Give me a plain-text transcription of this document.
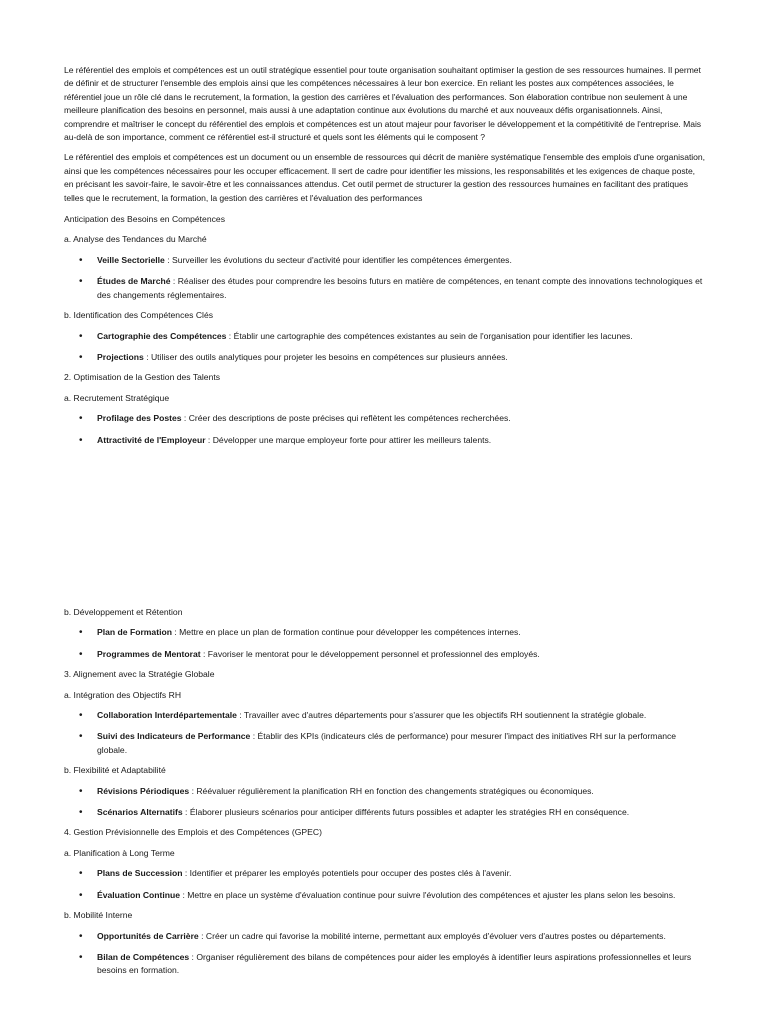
Le référentiel des emplois et compétences est un outil stratégique essentiel pour toute organisation souhaitant optimiser la gestion de ses ressources humaines. Il permet de définir et de structurer l'ensemble des emplois ainsi que les compétences nécessaires à leur bon exercice. En reliant les postes aux compétences associées, le référentiel joue un rôle clé dans le recrutement, la formation, la gestion des carrières et l'évaluation des performances. Son élaboration contribue non seulement à une meilleure planification des besoins en personnel, mais aussi à une adaptation continue aux évolutions du marché et aux nouveaux défis organisationnels. Ainsi, comprendre et maîtriser le concept du référentiel des emplois et compétences est un atout majeur pour favoriser le développement et la compétitivité de l'entreprise. Mais au-delà de son importance, comment ce référentiel est-il structuré et quels sont les éléments qui le composent ?

Le référentiel des emplois et compétences est un document ou un ensemble de ressources qui décrit de manière systématique l'ensemble des emplois d'une organisation, ainsi que les compétences nécessaires pour les occuper efficacement. Il sert de cadre pour identifier les missions, les responsabilités et les exigences de chaque poste, en précisant les savoir-faire, le savoir-être et les connaissances attendus. Cet outil permet de structurer la gestion des ressources humaines en facilitant des pratiques telles que le recrutement, la formation, la gestion des carrières et l'évaluation des performances

Anticipation des Besoins en Compétences

a. Analyse des Tendances du Marché

• Veille Sectorielle : Surveiller les évolutions du secteur d'activité pour identifier les compétences émergentes.
• Études de Marché : Réaliser des études pour comprendre les besoins futurs en matière de compétences, en tenant compte des innovations technologiques et des changements réglementaires.

b. Identification des Compétences Clés

• Cartographie des Compétences : Établir une cartographie des compétences existantes au sein de l'organisation pour identifier les lacunes.
• Projections : Utiliser des outils analytiques pour projeter les besoins en compétences sur plusieurs années.

2. Optimisation de la Gestion des Talents

a. Recrutement Stratégique

• Profilage des Postes : Créer des descriptions de poste précises qui reflètent les compétences recherchées.
• Attractivité de l'Employeur : Développer une marque employeur forte pour attirer les meilleurs talents.

b. Développement et Rétention

• Plan de Formation : Mettre en place un plan de formation continue pour développer les compétences internes.
• Programmes de Mentorat : Favoriser le mentorat pour le développement personnel et professionnel des employés.

3. Alignement avec la Stratégie Globale

a. Intégration des Objectifs RH

• Collaboration Interdépartementale : Travailler avec d'autres départements pour s'assurer que les objectifs RH soutiennent la stratégie globale.
• Suivi des Indicateurs de Performance : Établir des KPIs (indicateurs clés de performance) pour mesurer l'impact des initiatives RH sur la performance globale.

b. Flexibilité et Adaptabilité

• Révisions Périodiques : Réévaluer régulièrement la planification RH en fonction des changements stratégiques ou économiques.
• Scénarios Alternatifs : Élaborer plusieurs scénarios pour anticiper différents futurs possibles et adapter les stratégies RH en conséquence.

4. Gestion Prévisionnelle des Emplois et des Compétences (GPEC)

a. Planification à Long Terme

• Plans de Succession : Identifier et préparer les employés potentiels pour occuper des postes clés à l'avenir.
• Évaluation Continue : Mettre en place un système d'évaluation continue pour suivre l'évolution des compétences et ajuster les plans selon les besoins.

b. Mobilité Interne

• Opportunités de Carrière : Créer un cadre qui favorise la mobilité interne, permettant aux employés d'évoluer vers d'autres postes ou départements.
• Bilan de Compétences : Organiser régulièrement des bilans de compétences pour aider les employés à identifier leurs aspirations professionnelles et leurs besoins en formation.
